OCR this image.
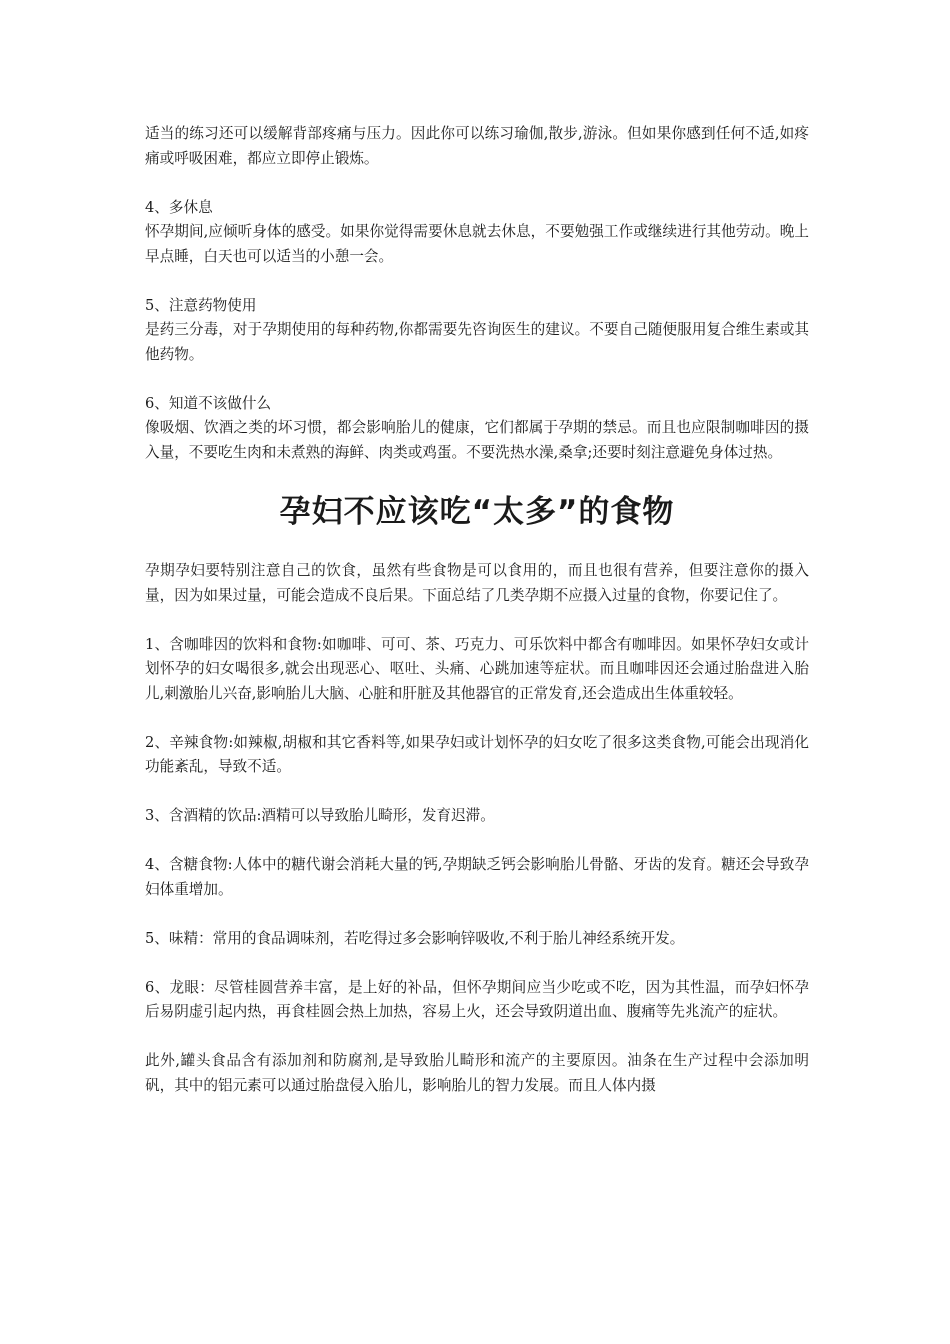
适当的练习还可以缓解背部疼痛与压力。因此你可以练习瑜伽,散步,游泳。但如果你感到任何不适,如疼痛或呼吸困难，都应立即停止锻炼。

4、多休息

怀孕期间,应倾听身体的感受。如果你觉得需要休息就去休息，不要勉强工作或继续进行其他劳动。晚上早点睡，白天也可以适当的小憩一会。

5、注意药物使用

是药三分毒，对于孕期使用的每种药物,你都需要先咨询医生的建议。不要自己随便服用复合维生素或其他药物。

6、知道不该做什么

像吸烟、饮酒之类的坏习惯，都会影响胎儿的健康，它们都属于孕期的禁忌。而且也应限制咖啡因的摄入量，不要吃生肉和未煮熟的海鲜、肉类或鸡蛋。不要洗热水澡,桑拿;还要时刻注意避免身体过热。

孕妇不应该吃“太多”的食物

孕期孕妇要特别注意自己的饮食，虽然有些食物是可以食用的，而且也很有营养，但要注意你的摄入量，因为如果过量，可能会造成不良后果。下面总结了几类孕期不应摄入过量的食物，你要记住了。

1、含咖啡因的饮料和食物:如咖啡、可可、茶、巧克力、可乐饮料中都含有咖啡因。如果怀孕妇女或计划怀孕的妇女喝很多,就会出现恶心、呕吐、头痛、心跳加速等症状。而且咖啡因还会通过胎盘进入胎儿,刺激胎儿兴奋,影响胎儿大脑、心脏和肝脏及其他器官的正常发育,还会造成出生体重较轻。

2、辛辣食物:如辣椒,胡椒和其它香料等,如果孕妇或计划怀孕的妇女吃了很多这类食物,可能会出现消化功能紊乱，导致不适。

3、含酒精的饮品:酒精可以导致胎儿畸形，发育迟滞。

4、含糖食物:人体中的糖代谢会消耗大量的钙,孕期缺乏钙会影响胎儿骨骼、牙齿的发育。糖还会导致孕妇体重增加。

5、味精：常用的食品调味剂，若吃得过多会影响锌吸收,不利于胎儿神经系统开发。

6、龙眼：尽管桂圆营养丰富，是上好的补品，但怀孕期间应当少吃或不吃，因为其性温，而孕妇怀孕后易阴虚引起内热，再食桂圆会热上加热，容易上火，还会导致阴道出血、腹痛等先兆流产的症状。

此外,罐头食品含有添加剂和防腐剂,是导致胎儿畸形和流产的主要原因。油条在生产过程中会添加明矾，其中的铝元素可以通过胎盘侵入胎儿，影响胎儿的智力发展。而且人体内摄
